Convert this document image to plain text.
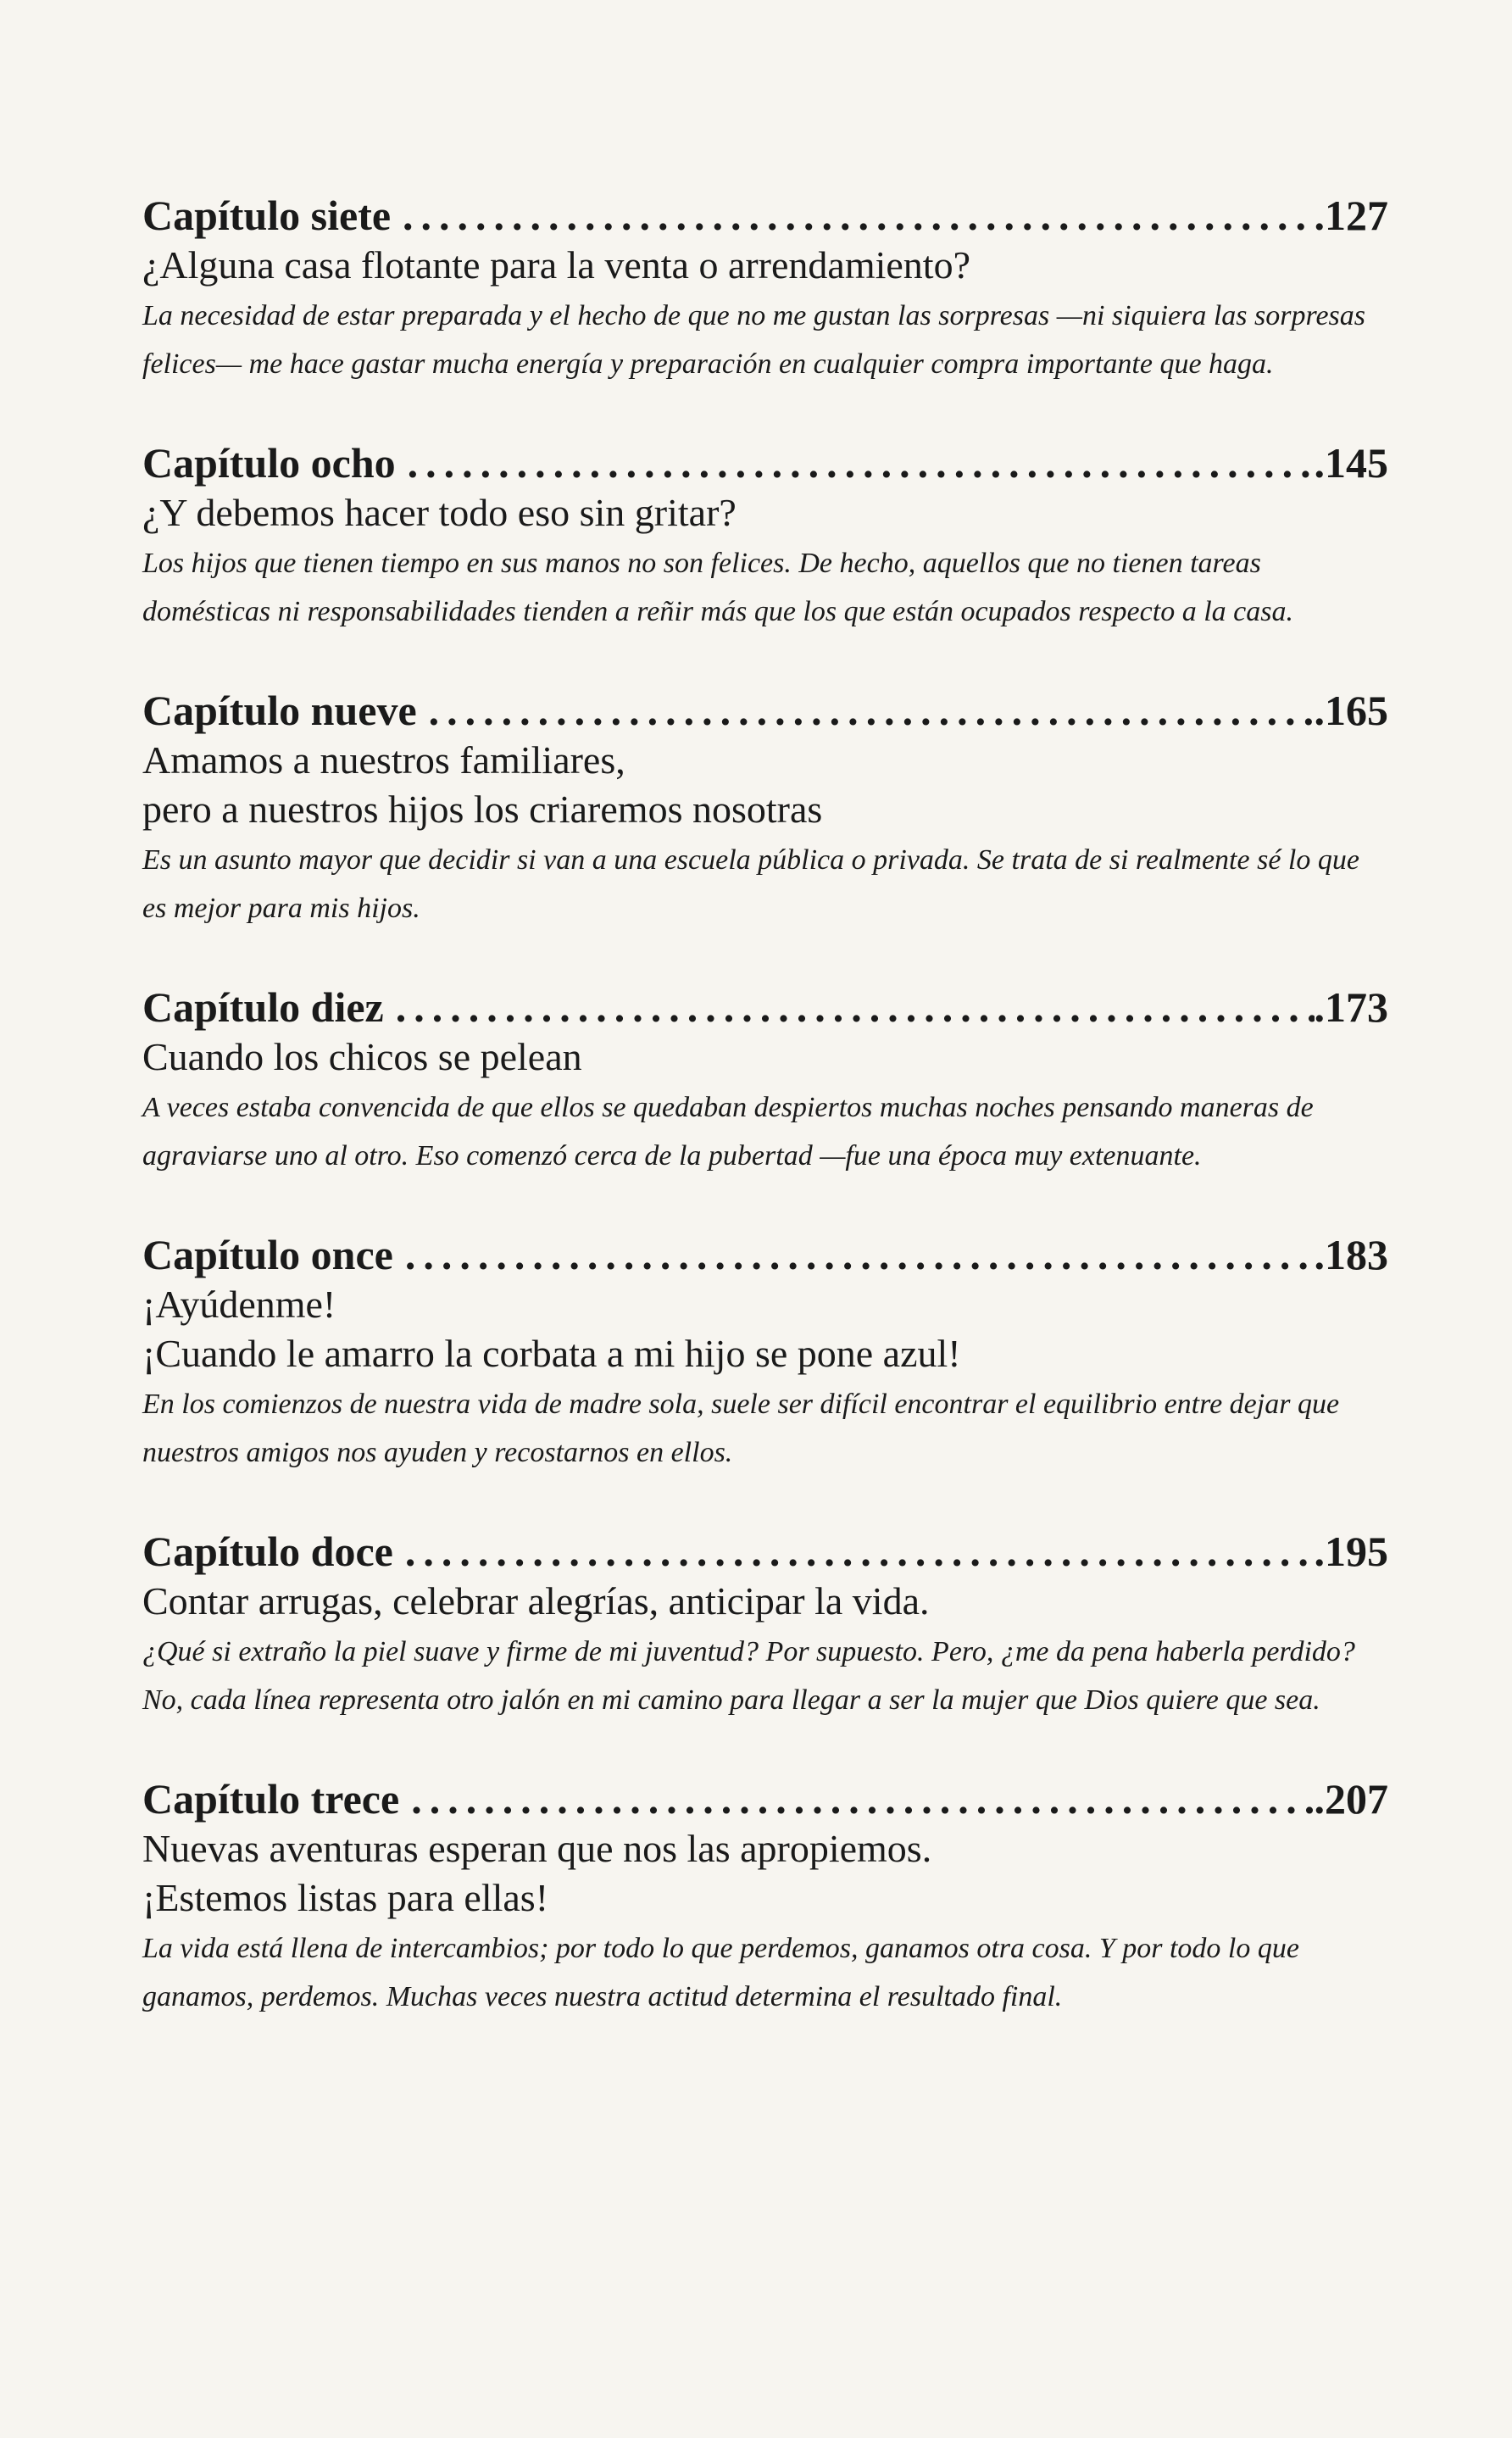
Capítulo siete .....	.127
¿Alguna casa flotante para la venta o arrendamiento?
La necesidad de estar preparada y el hecho de que no me gustan las sorpresas —ni siquiera las sorpresas felices— me hace gastar mucha energía y preparación en cualquier compra importante que haga.
Capítulo ocho .....	.145
¿Y debemos hacer todo eso sin gritar?
Los hijos que tienen tiempo en sus manos no son felices. De hecho, aquellos que no tienen tareas domésticas ni responsabilidades tienden a reñir más que los que están ocupados respecto a la casa.
Capítulo nueve .....	.165
Amamos a nuestros familiares,
pero a nuestros hijos los criaremos nosotras
Es un asunto mayor que decidir si van a una escuela pública o privada. Se trata de si realmente sé lo que es mejor para mis hijos.
Capítulo diez .....	.173
Cuando los chicos se pelean
A veces estaba convencida de que ellos se quedaban despiertos muchas noches pensando maneras de agraviarse uno al otro. Eso comenzó cerca de la pubertad —fue una época muy extenuante.
Capítulo once .....	.183
¡Ayúdenme!
¡Cuando le amarro la corbata a mi hijo se pone azul!
En los comienzos de nuestra vida de madre sola, suele ser difícil encontrar el equilibrio entre dejar que nuestros amigos nos ayuden y recostarnos en ellos.
Capítulo doce .....	.195
Contar arrugas, celebrar alegrías, anticipar la vida.
¿Qué si extraño la piel suave y firme de mi juventud? Por supuesto. Pero, ¿me da pena haberla perdido? No, cada línea representa otro jalón en mi camino para llegar a ser la mujer que Dios quiere que sea.
Capítulo trece .....	.207
Nuevas aventuras esperan que nos las apropiemos.
¡Estemos listas para ellas!
La vida está llena de intercambios; por todo lo que perdemos, ganamos otra cosa. Y por todo lo que ganamos, perdemos. Muchas veces nuestra actitud determina el resultado final.
